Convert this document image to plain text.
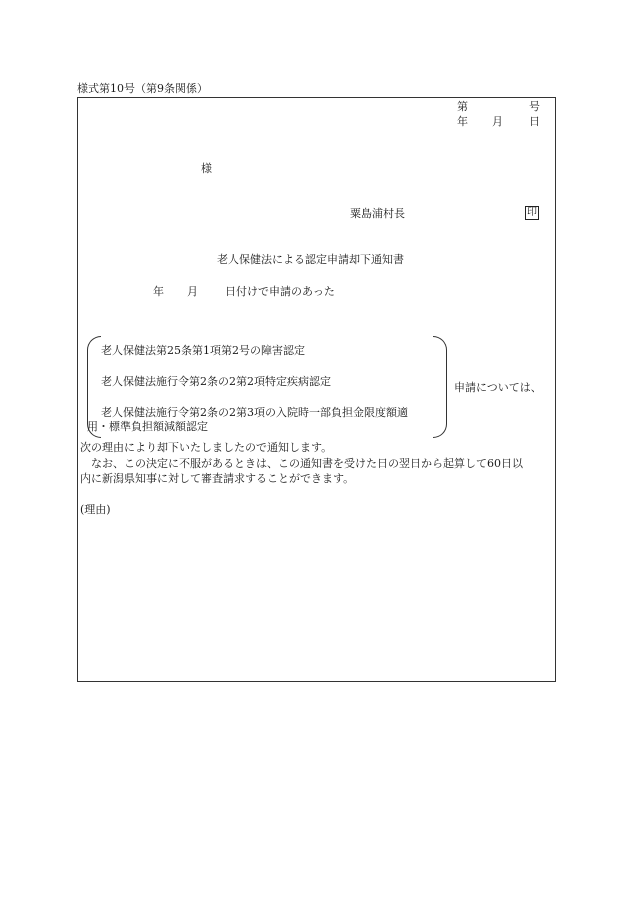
様式第10号（第9条関係）
第	号
年 月 日
様
粟島浦村長	印
老人保健法による認定申請却下通知書
年 月 日付けで申請のあった
老人保健法第25条第1項第2号の障害認定
老人保健法施行令第2条の2第2項特定疾病認定
老人保健法施行令第2条の2第3項の入院時一部負担金限度額適
用・標準負担額減額認定
申請については、
次の理由により却下いたしましたので通知します。
　なお、この決定に不服があるときは、この通知書を受けた日の翌日から起算して60日以
内に新潟県知事に対して審査請求することができます。
(理由)
